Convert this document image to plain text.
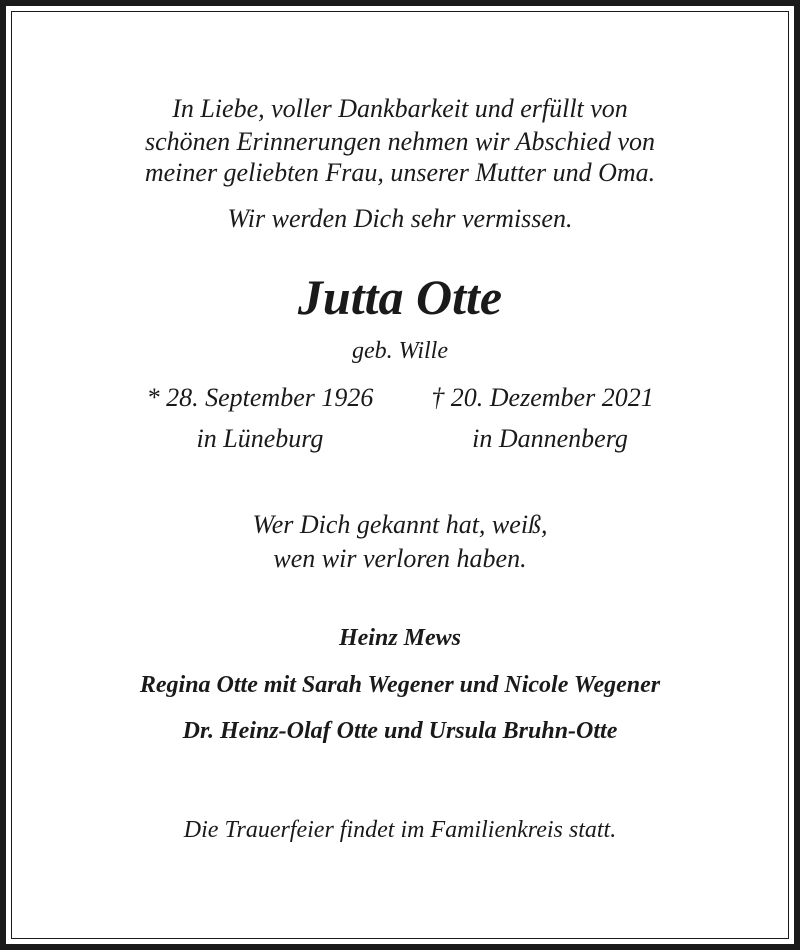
In Liebe, voller Dankbarkeit und erfüllt von
schönen Erinnerungen nehmen wir Abschied von
meiner geliebten Frau, unserer Mutter und Oma.
Wir werden Dich sehr vermissen.
Jutta Otte
geb. Wille
* 28. September 1926	† 20. Dezember 2021
in Lüneburg	in Dannenberg
Wer Dich gekannt hat, weiß,
wen wir verloren haben.
Heinz Mews
Regina Otte mit Sarah Wegener und Nicole Wegener
Dr. Heinz-Olaf Otte und Ursula Bruhn-Otte
Die Trauerfeier findet im Familienkreis statt.
